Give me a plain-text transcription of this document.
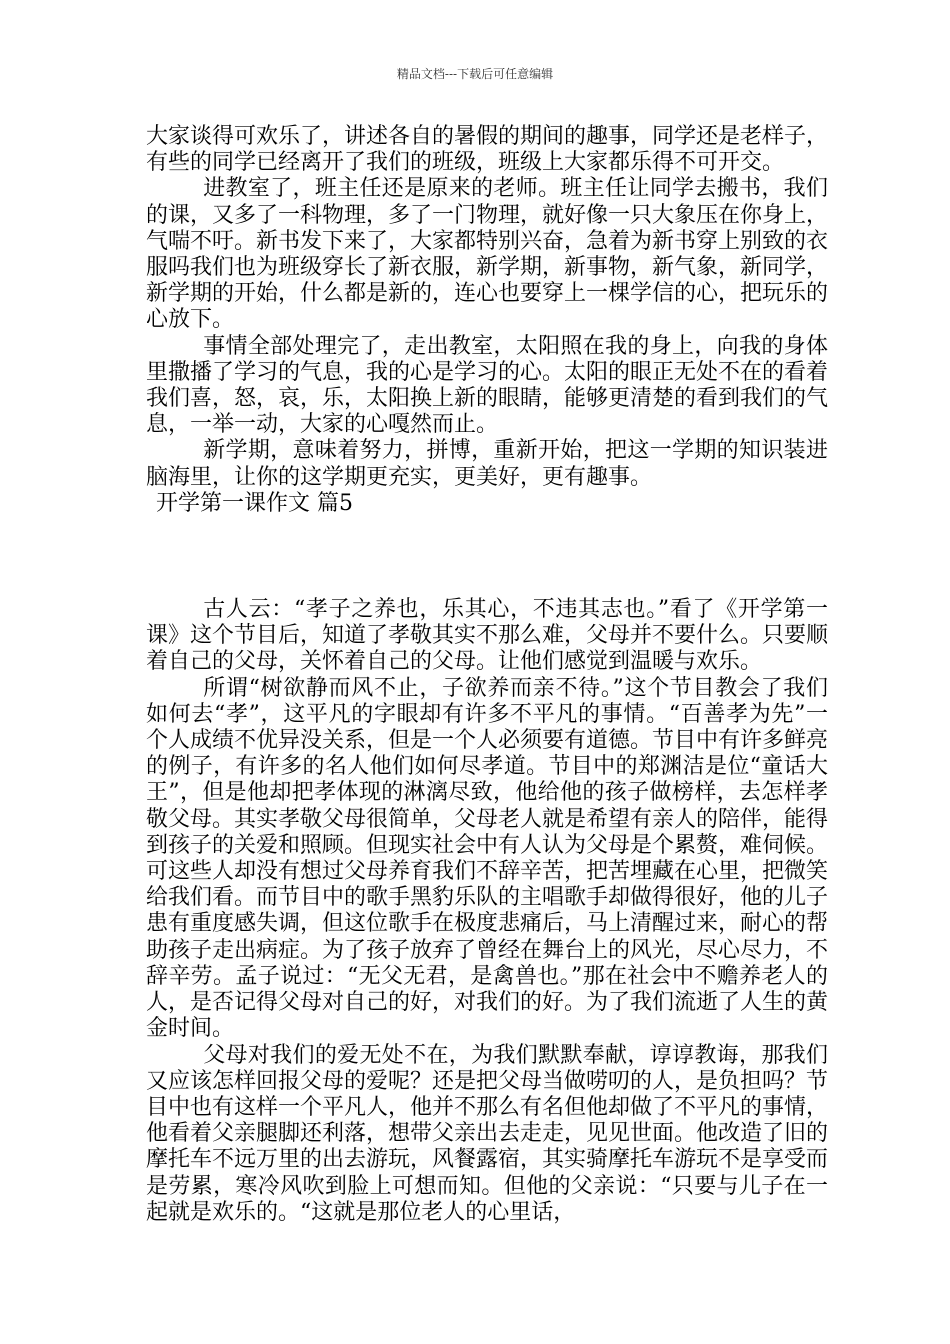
精品文档---下载后可任意编辑

大家谈得可欢乐了，讲述各自的暑假的期间的趣事，同学还是老样子，有些的同学已经离开了我们的班级，班级上大家都乐得不可开交。

进教室了，班主任还是原来的老师。班主任让同学去搬书，我们的课，又多了一科物理，多了一门物理，就好像一只大象压在你身上，气喘不吁。新书发下来了，大家都特别兴奋，急着为新书穿上别致的衣服吗我们也为班级穿长了新衣服，新学期，新事物，新气象，新同学，新学期的开始，什么都是新的，连心也要穿上一棵学信的心，把玩乐的心放下。

事情全部处理完了，走出教室，太阳照在我的身上，向我的身体里撒播了学习的气息，我的心是学习的心。太阳的眼正无处不在的看着我们喜，怒，哀，乐，太阳换上新的眼睛，能够更清楚的看到我们的气息，一举一动，大家的心嘎然而止。

新学期，意味着努力，拼博，重新开始，把这一学期的知识装进脑海里，让你的这学期更充实，更美好，更有趣事。

开学第一课作文 篇5

古人云：“孝子之养也，乐其心，不违其志也。”看了《开学第一课》这个节目后，知道了孝敬其实不那么难，父母并不要什么。只要顺着自己的父母，关怀着自己的父母。让他们感觉到温暖与欢乐。

所谓“树欲静而风不止，子欲养而亲不待。”这个节目教会了我们如何去“孝”，这平凡的字眼却有许多不平凡的事情。“百善孝为先”一个人成绩不优异没关系，但是一个人必须要有道德。节目中有许多鲜亮的例子，有许多的名人他们如何尽孝道。节目中的郑渊洁是位“童话大王”，但是他却把孝体现的淋漓尽致，他给他的孩子做榜样，去怎样孝敬父母。其实孝敬父母很简单，父母老人就是希望有亲人的陪伴，能得到孩子的关爱和照顾。但现实社会中有人认为父母是个累赘，难伺候。可这些人却没有想过父母养育我们不辞辛苦，把苦埋藏在心里，把微笑给我们看。而节目中的歌手黑豹乐队的主唱歌手却做得很好，他的儿子患有重度感失调，但这位歌手在极度悲痛后，马上清醒过来，耐心的帮助孩子走出病症。为了孩子放弃了曾经在舞台上的风光，尽心尽力，不辞辛劳。孟子说过：“无父无君，是禽兽也。”那在社会中不赡养老人的人，是否记得父母对自己的好，对我们的好。为了我们流逝了人生的黄金时间。

父母对我们的爱无处不在，为我们默默奉献，谆谆教诲，那我们又应该怎样回报父母的爱呢？还是把父母当做唠叨的人，是负担吗？节目中也有这样一个平凡人，他并不那么有名但他却做了不平凡的事情，他看着父亲腿脚还利落，想带父亲出去走走，见见世面。他改造了旧的摩托车不远万里的出去游玩，风餐露宿，其实骑摩托车游玩不是享受而是劳累，寒冷风吹到脸上可想而知。但他的父亲说：“只要与儿子在一起就是欢乐的。“这就是那位老人的心里话，
